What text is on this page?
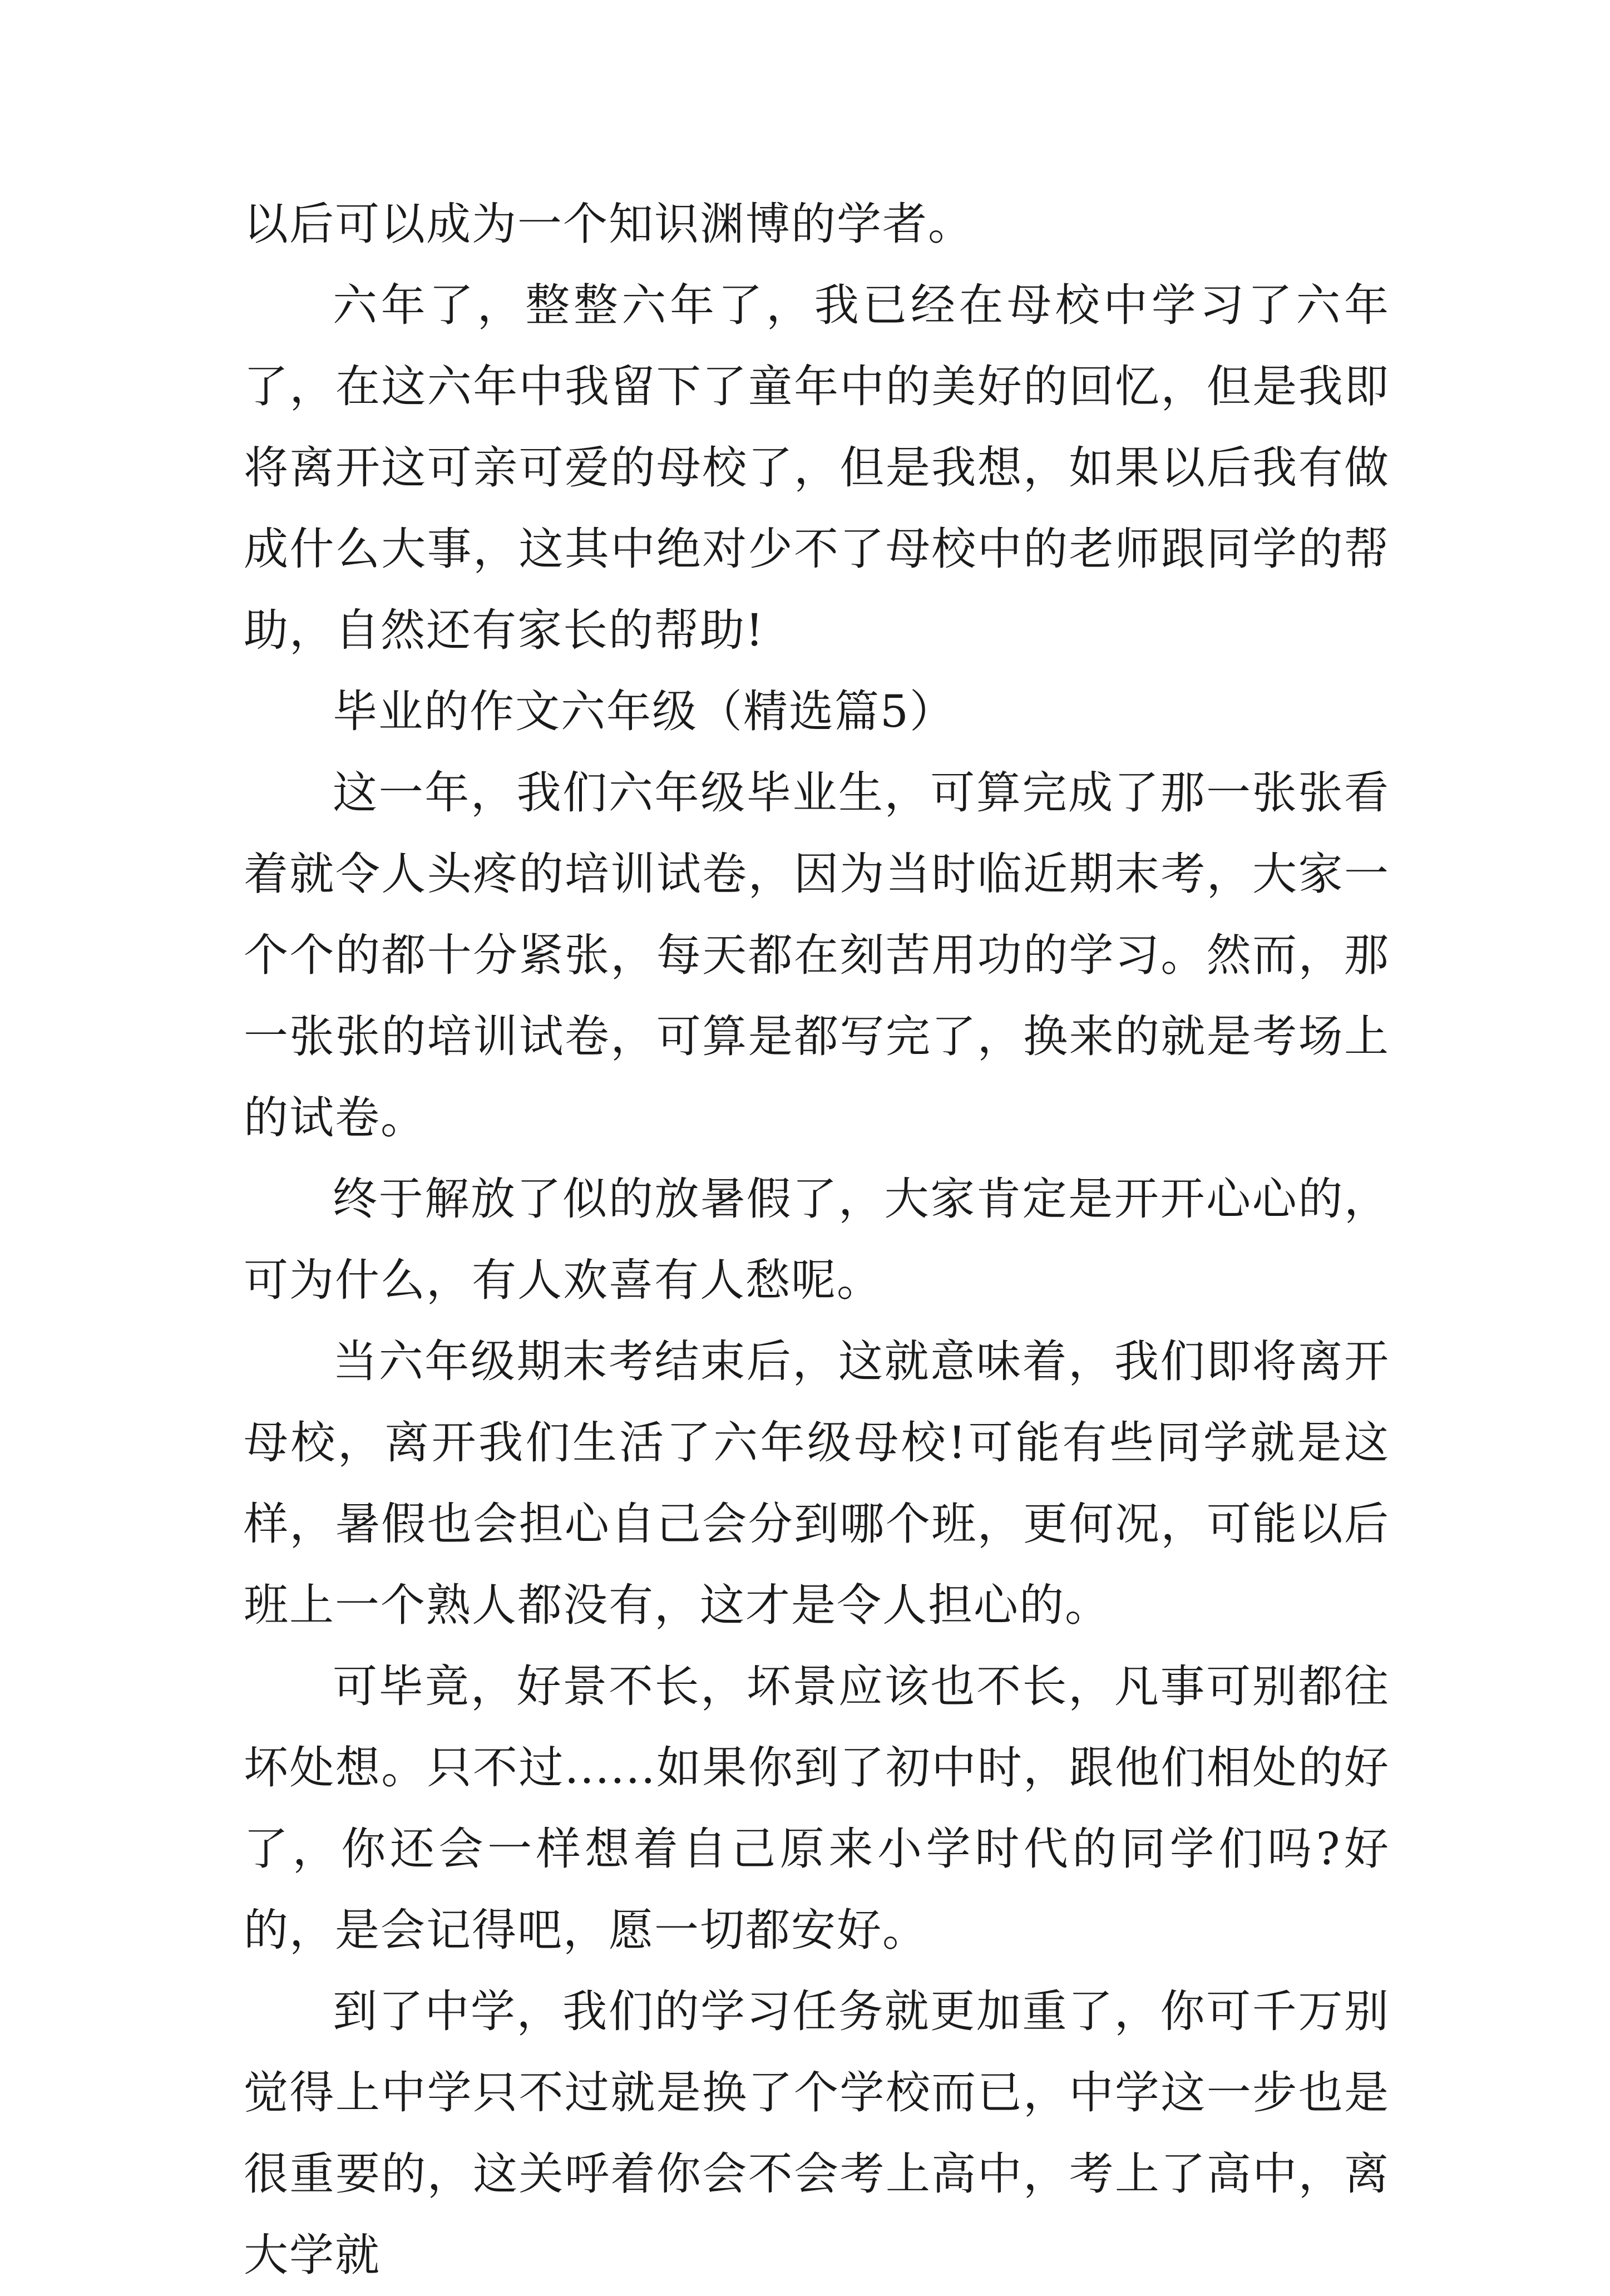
以后可以成为一个知识渊博的学者。

六年了，整整六年了，我已经在母校中学习了六年了，在这六年中我留下了童年中的美好的回忆，但是我即将离开这可亲可爱的母校了，但是我想，如果以后我有做成什么大事，这其中绝对少不了母校中的老师跟同学的帮助，自然还有家长的帮助!

毕业的作文六年级（精选篇5）

这一年，我们六年级毕业生，可算完成了那一张张看着就令人头疼的培训试卷，因为当时临近期末考，大家一个个的都十分紧张，每天都在刻苦用功的学习。然而，那一张张的培训试卷，可算是都写完了，换来的就是考场上的试卷。

终于解放了似的放暑假了，大家肯定是开开心心的，可为什么，有人欢喜有人愁呢。

当六年级期末考结束后，这就意味着，我们即将离开母校，离开我们生活了六年级母校!可能有些同学就是这样，暑假也会担心自己会分到哪个班，更何况，可能以后班上一个熟人都没有，这才是令人担心的。

可毕竟，好景不长，坏景应该也不长，凡事可别都往坏处想。只不过......如果你到了初中时，跟他们相处的好了，你还会一样想着自己原来小学时代的同学们吗?好的，是会记得吧，愿一切都安好。

到了中学，我们的学习任务就更加重了，你可千万别觉得上中学只不过就是换了个学校而已，中学这一步也是很重要的，这关呼着你会不会考上高中，考上了高中，离大学就
